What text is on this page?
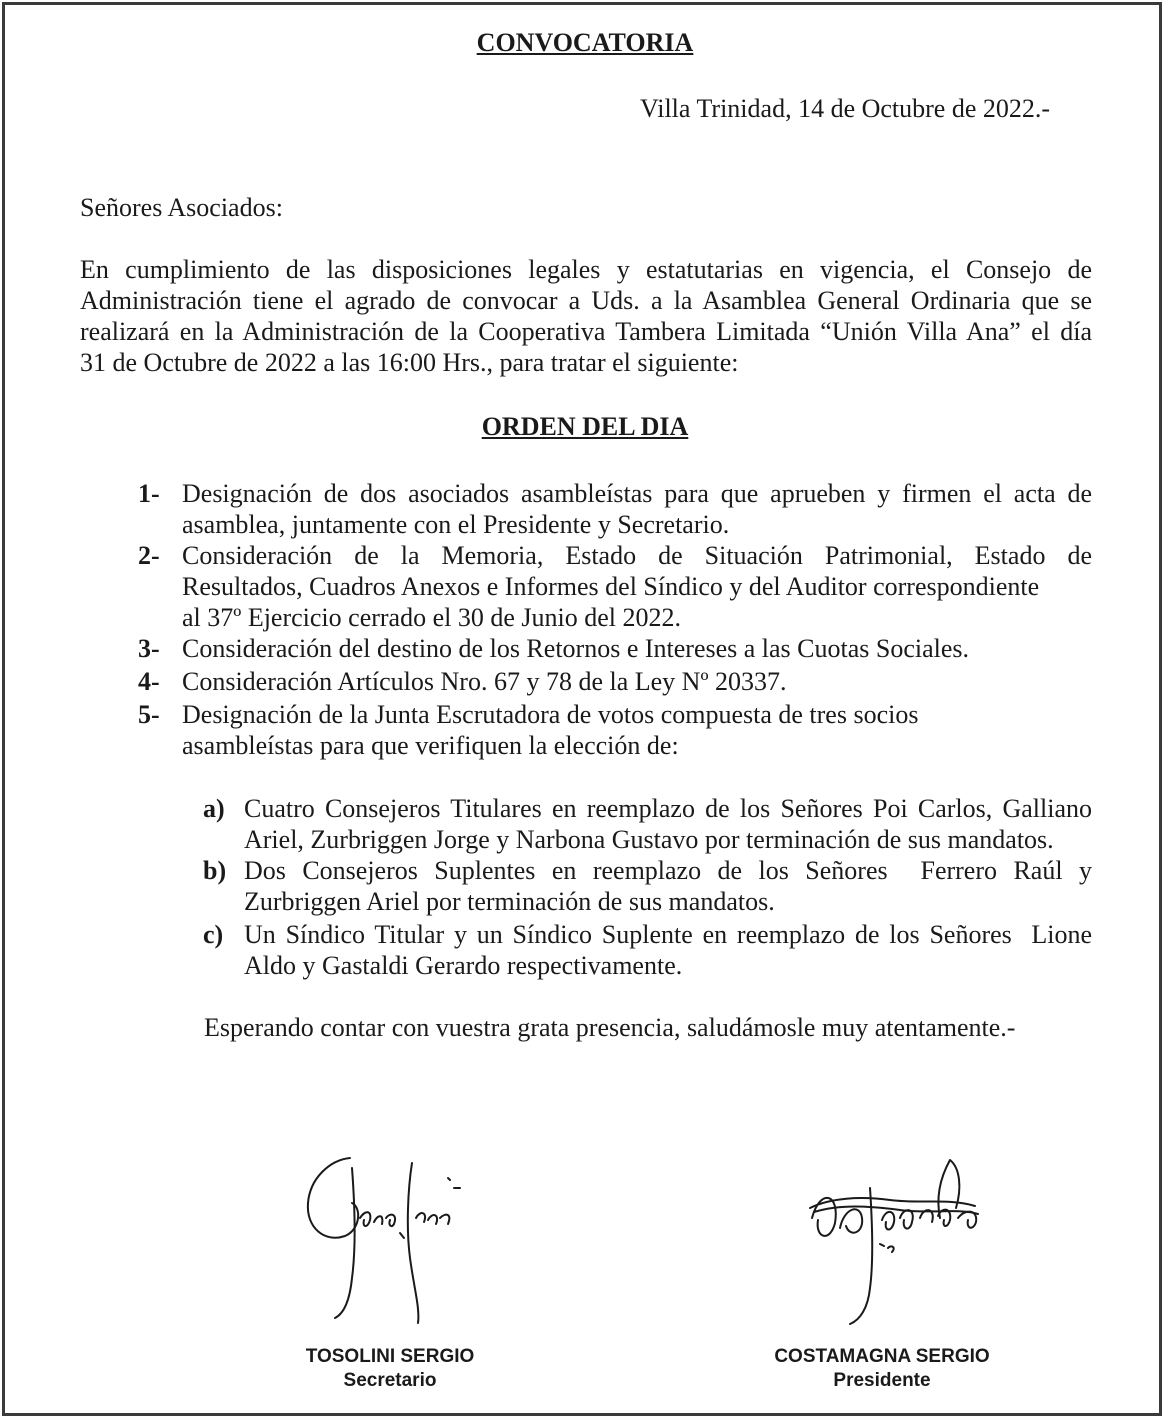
CONVOCATORIA
Villa Trinidad, 14 de Octubre de 2022.-
Señores Asociados:
En cumplimiento de las disposiciones legales y estatutarias en vigencia, el Consejo de
Administración tiene el agrado de convocar a Uds. a la Asamblea General Ordinaria que se
realizará en la Administración de la Cooperativa Tambera Limitada “Unión Villa Ana” el día
31 de Octubre de 2022 a las 16:00 Hrs., para tratar el siguiente:
ORDEN DEL DIA
1- Designación de dos asociados asambleístas para que aprueben y firmen el acta de
asamblea, juntamente con el Presidente y Secretario.
2- Consideración de la Memoria, Estado de Situación Patrimonial, Estado de
Resultados, Cuadros Anexos e Informes del Síndico y del Auditor correspondiente
al 37º Ejercicio cerrado el 30 de Junio del 2022.
3- Consideración del destino de los Retornos e Intereses a las Cuotas Sociales.
4- Consideración Artículos Nro. 67 y 78 de la Ley Nº 20337.
5- Designación de la Junta Escrutadora de votos compuesta de tres socios
asambleístas para que verifiquen la elección de:
a) Cuatro Consejeros Titulares en reemplazo de los Señores Poi Carlos, Galliano
Ariel, Zurbriggen Jorge y Narbona Gustavo por terminación de sus mandatos.
b) Dos Consejeros Suplentes en reemplazo de los Señores  Ferrero Raúl y
Zurbriggen Ariel por terminación de sus mandatos.
c) Un Síndico Titular y un Síndico Suplente en reemplazo de los Señores  Lione
Aldo y Gastaldi Gerardo respectivamente.
Esperando contar con vuestra grata presencia, saludámosle muy atentamente.-
TOSOLINI SERGIO
Secretario
COSTAMAGNA SERGIO
Presidente
